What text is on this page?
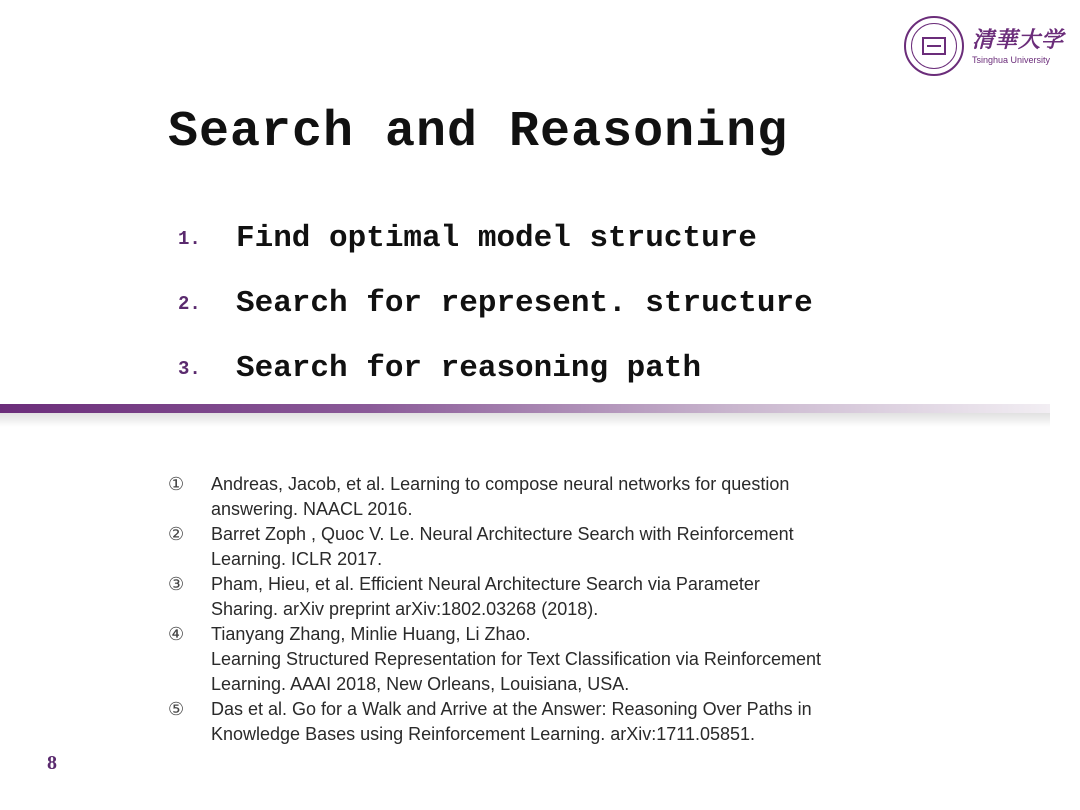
清華大学
Tsinghua University
Search and Reasoning
1.	Find optimal model structure
2.	Search for represent. structure
3.	Search for reasoning path
①	Andreas, Jacob, et al. Learning to compose neural networks for question
answering. NAACL 2016.
②	Barret Zoph , Quoc V. Le. Neural Architecture Search with Reinforcement
Learning. ICLR 2017.
③	Pham, Hieu, et al. Efficient Neural Architecture Search via Parameter
Sharing. arXiv preprint arXiv:1802.03268 (2018).
④	Tianyang Zhang, Minlie Huang, Li Zhao.
Learning Structured Representation for Text Classification via Reinforcement
Learning. AAAI 2018, New Orleans, Louisiana, USA.
⑤	Das et al. Go for a Walk and Arrive at the Answer: Reasoning Over Paths in
Knowledge Bases using Reinforcement Learning. arXiv:1711.05851.
8
